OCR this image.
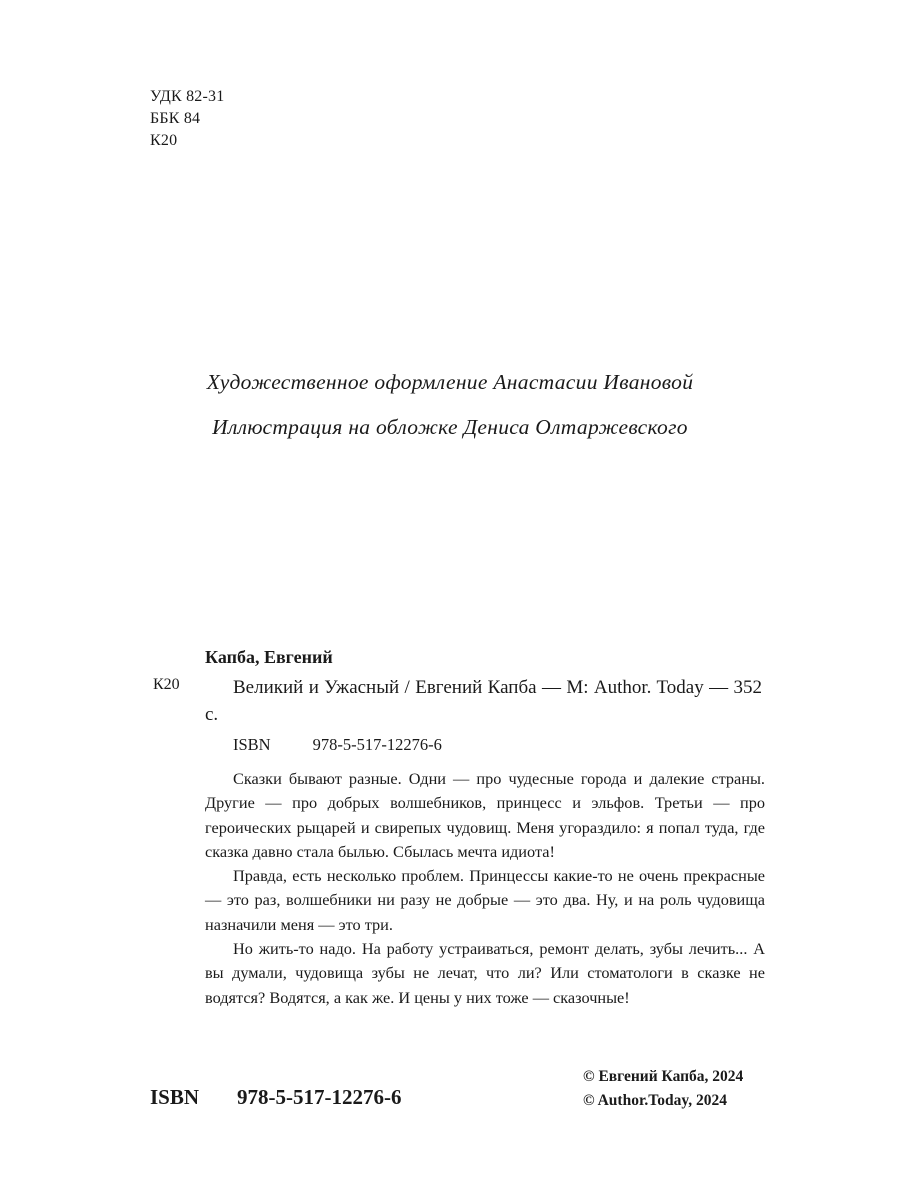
УДК 82-31
ББК 84
К20
Художественное оформление Анастасии Ивановой
Иллюстрация на обложке Дениса Олтаржевского
Капба, Евгений
К20	Великий и Ужасный / Евгений Капба — М: Author. Today — 352 с.
ISBN	978-5-517-12276-6

Сказки бывают разные. Одни — про чудесные города и далекие страны. Другие — про добрых волшебников, принцесс и эльфов. Третьи — про героических рыцарей и свирепых чудовищ. Меня угораздило: я попал туда, где сказка давно стала былью. Сбылась мечта идиота!

Правда, есть несколько проблем. Принцессы какие-то не очень прекрасные — это раз, волшебники ни разу не добрые — это два. Ну, и на роль чудовища назначили меня — это три.

Но жить-то надо. На работу устраиваться, ремонт делать, зубы лечить... А вы думали, чудовища зубы не лечат, что ли? Или стоматологи в сказке не водятся? Водятся, а как же. И цены у них тоже — сказочные!

ISBN 978-5-517-12276-6
© Евгений Капба, 2024
© Author.Today, 2024
